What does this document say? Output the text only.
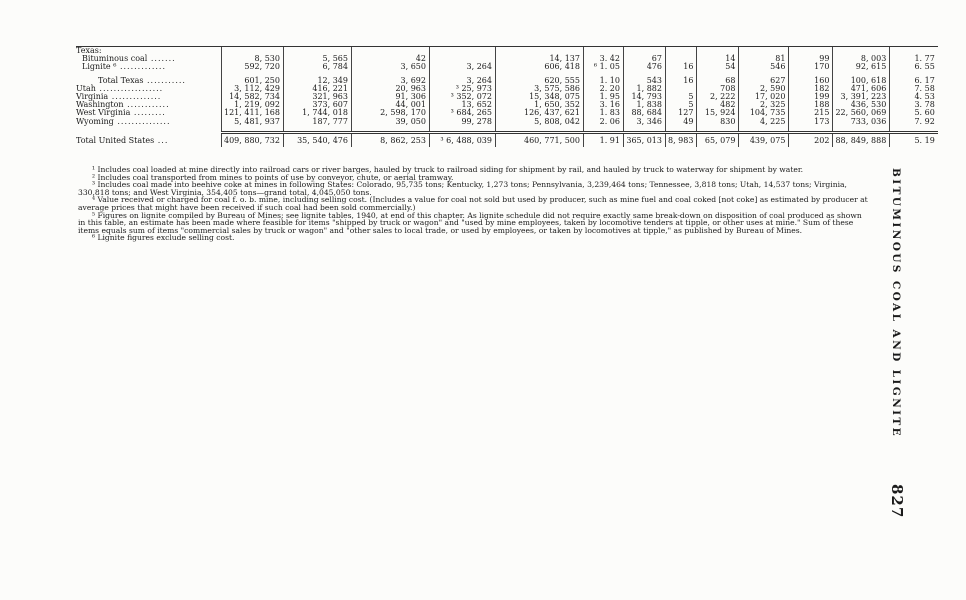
Texas:													
Bituminous coal .......	8, 530	5, 565	42		14, 137	3. 42	67		14	81	99	8, 003	1. 77
Lignite ⁶ .............	592, 720	6, 784	3, 650	3, 264	606, 418	⁶ 1. 05	476	16	54	546	170	92, 615	6. 55

Total Texas ...........	601, 250	12, 349	3, 692	3, 264	620, 555	1. 10	543	16	68	627	160	100, 618	6. 17
Utah ..................	3, 112, 429	416, 221	20, 963	³ 25, 973	3, 575, 586	2. 20	1, 882		708	2, 590	182	471, 606	7. 58
Virginia ..............	14, 582, 734	321, 963	91, 306	³ 352, 072	15, 348, 075	1. 95	14, 793	5	2, 222	17, 020	199	3, 391, 223	4. 53
Washington ............	1, 219, 092	373, 607	44, 001	13, 652	1, 650, 352	3. 16	1, 838	5	482	2, 325	188	436, 530	3. 78
West Virginia .........	121, 411, 168	1, 744, 018	2, 598, 170	³ 684, 265	126, 437, 621	1. 83	88, 684	127	15, 924	104, 735	215	22, 560, 069	5. 60
Wyoming ...............	5, 481, 937	187, 777	39, 050	99, 278	5, 808, 042	2. 06	3, 346	49	830	4, 225	173	733, 036	7. 92

Total United States ...	409, 880, 732	35, 540, 476	8, 862, 253	³ 6, 488, 039	460, 771, 500	1. 91	365, 013	8, 983	65, 079	439, 075	202	88, 849, 888	5. 19

¹ Includes coal loaded at mine directly into railroad cars or river barges, hauled by truck to railroad siding for shipment by rail, and hauled by truck to waterway for shipment by water.

² Includes coal transported from mines to points of use by conveyor, chute, or aerial tramway.

³ Includes coal made into beehive coke at mines in following States: Colorado, 95,735 tons; Kentucky, 1,273 tons; Pennsylvania, 3,239,464 tons; Tennessee, 3,818 tons; Utah, 14,537 tons; Virginia, 330,818 tons; and West Virginia, 354,405 tons—grand total, 4,045,050 tons.

⁴ Value received or charged for coal f. o. b. mine, including selling cost. (Includes a value for coal not sold but used by producer, such as mine fuel and coal coked [not coke] as estimated by producer at average prices that might have been received if such coal had been sold commercially.)

⁵ Figures on lignite compiled by Bureau of Mines; see lignite tables, 1940, at end of this chapter. As lignite schedule did not require exactly same break-down on disposition of coal produced as shown in this table, an estimate has been made where feasible for items "shipped by truck or wagon" and "used by mine employees, taken by locomotive tenders at tipple, or other uses at mine." Sum of these items equals sum of items "commercial sales by truck or wagon" and "other sales to local trade, or used by employees, or taken by locomotives at tipple," as published by Bureau of Mines.

⁶ Lignite figures exclude selling cost.	BITUMINOUS COAL AND LIGNITE
827
